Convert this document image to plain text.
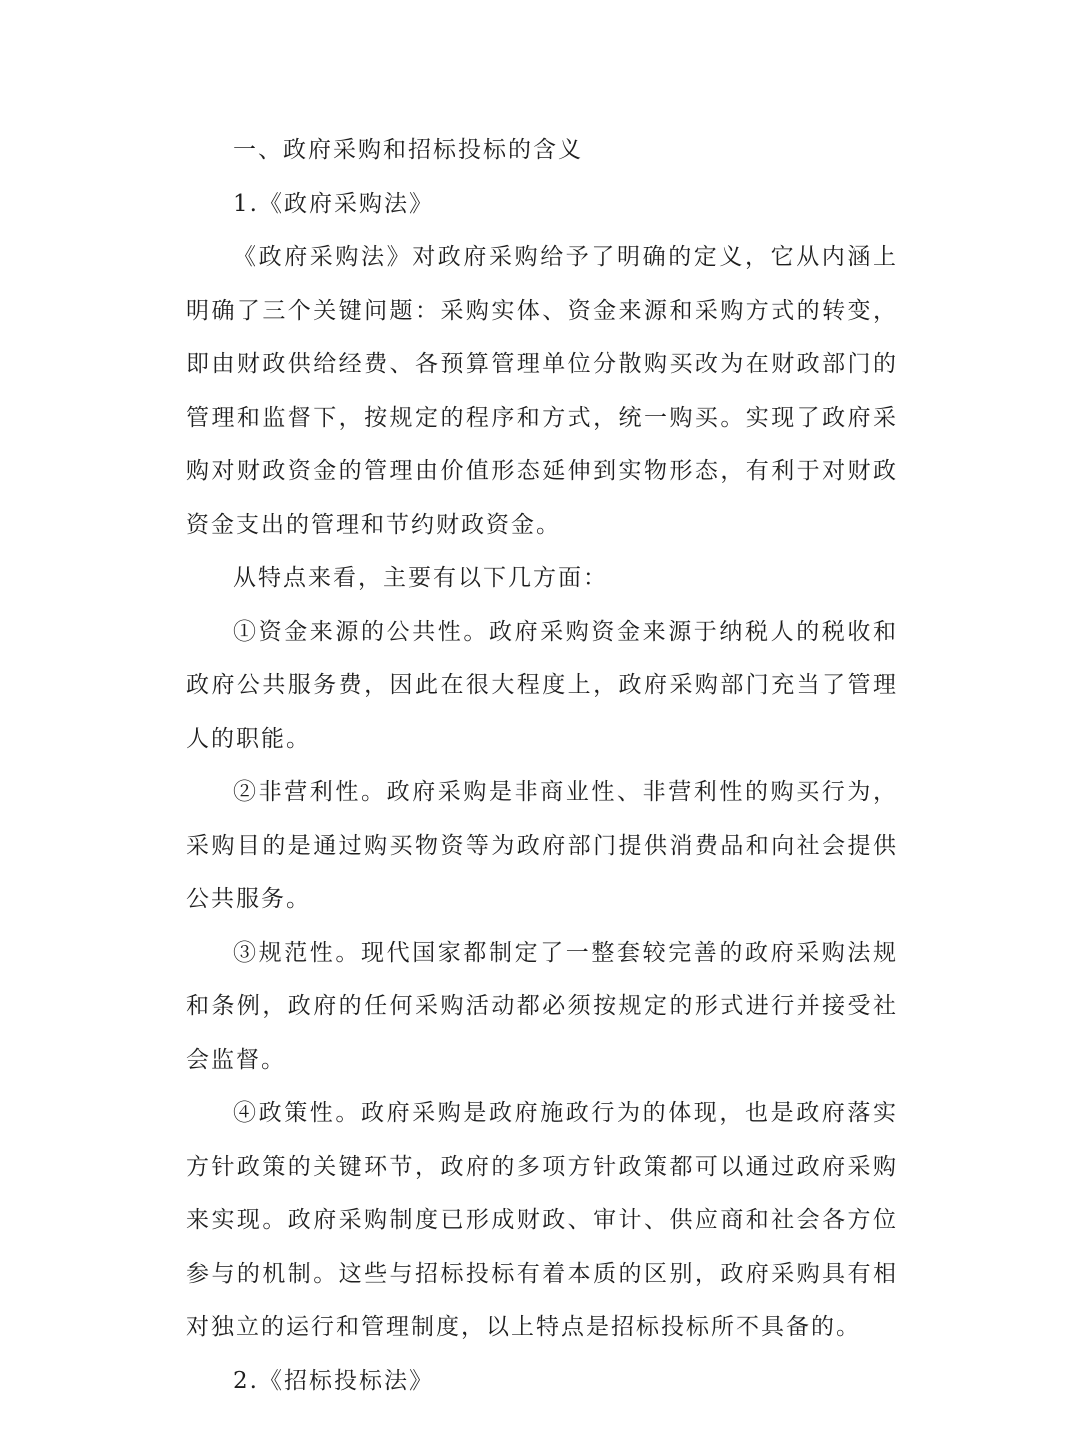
一、政府采购和招标投标的含义

1.《政府采购法》

《政府采购法》对政府采购给予了明确的定义，它从内涵上明确了三个关键问题：采购实体、资金来源和采购方式的转变，即由财政供给经费、各预算管理单位分散购买改为在财政部门的管理和监督下，按规定的程序和方式，统一购买。实现了政府采购对财政资金的管理由价值形态延伸到实物形态，有利于对财政资金支出的管理和节约财政资金。

从特点来看，主要有以下几方面：

①资金来源的公共性。政府采购资金来源于纳税人的税收和政府公共服务费，因此在很大程度上，政府采购部门充当了管理人的职能。

②非营利性。政府采购是非商业性、非营利性的购买行为，采购目的是通过购买物资等为政府部门提供消费品和向社会提供公共服务。

③规范性。现代国家都制定了一整套较完善的政府采购法规和条例，政府的任何采购活动都必须按规定的形式进行并接受社会监督。

④政策性。政府采购是政府施政行为的体现，也是政府落实方针政策的关键环节，政府的多项方针政策都可以通过政府采购来实现。政府采购制度已形成财政、审计、供应商和社会各方位参与的机制。这些与招标投标有着本质的区别，政府采购具有相对独立的运行和管理制度，以上特点是招标投标所不具备的。

2.《招标投标法》
